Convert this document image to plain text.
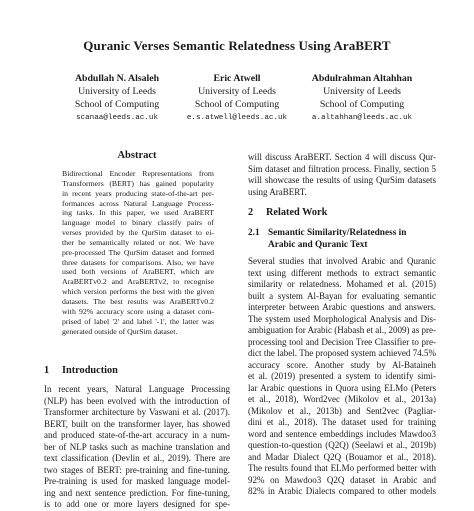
Quranic Verses Semantic Relatedness Using AraBERT
Abdullah N. Alsaleh
University of Leeds
School of Computing
scanaa@leeds.ac.uk
Eric Atwell
University of Leeds
School of Computing
e.s.atwell@leeds.ac.uk
Abdulrahman Altahhan
University of Leeds
School of Computing
a.altahhan@leeds.ac.uk
Abstract
Bidirectional Encoder Representations from
Transformers (BERT) has gained popularity
in recent years producing state-of-the-art per-
formances across Natural Language Process-
ing tasks. In this paper, we used AraBERT
language model to binary classify pairs of
verses provided by the QurSim dataset to ei-
ther be semantically related or not. We have
pre-processed The QurSim dataset and formed
three datasets for comparisons. Also, we have
used both versions of AraBERT, which are
AraBERTv0.2 and AraBERTv2, to recognise
which version performs the best with the given
datasets. The best results was AraBERTv0.2
with 92% accuracy score using a dataset com-
prised of label '2' and label '-1', the latter was
generated outside of QurSim dataset.
1 Introduction
In recent years, Natural Language Processing
(NLP) has been evolved with the introduction of
Transformer architecture by Vaswani et al. (2017).
BERT, built on the transformer layer, has showed
and produced state-of-the-art accuracy in a num-
ber of NLP tasks such as machine translation and
text classification (Devlin et al., 2019). There are
two stages of BERT: pre-training and fine-tuning.
Pre-training is used for masked language model-
ing and next sentence prediction. For fine-tuning,
is to add one or more layers designed for spe-
will discuss AraBERT. Section 4 will discuss Qur-
Sim dataset and filtration process. Finally, section 5
will showcase the results of using QurSim datasets
using AraBERT.
2 Related Work
2.1 Semantic Similarity/Relatedness in
Arabic and Quranic Text
Several studies that involved Arabic and Quranic
text using different methods to extract semantic
similarity or relatedness. Mohamed et al. (2015)
built a system Al-Bayan for evaluating semantic
interpreter between Arabic questions and answers.
The system used Morphological Analysis and Dis-
ambiguation for Arabic (Habash et al., 2009) as pre-
processing tool and Decision Tree Classifier to pre-
dict the label. The proposed system achieved 74.5%
accuracy score. Another study by Al-Bataineh
et al. (2019) presented a system to identify simi-
lar Arabic questions in Quora using ELMo (Peters
et al., 2018), Word2vec (Mikolov et al., 2013a)
(Mikolov et al., 2013b) and Sent2vec (Pagliar-
dini et al., 2018). The dataset used for training
word and sentence embeddings includes Mawdoo3
question-to-question (Q2Q) (Seelawi et al., 2019b)
and Madar Dialect Q2Q (Bouamor et al., 2018).
The results found that ELMo performed better with
92% on Mawdoo3 Q2Q dataset in Arabic and
82% in Arabic Dialects compared to other models
